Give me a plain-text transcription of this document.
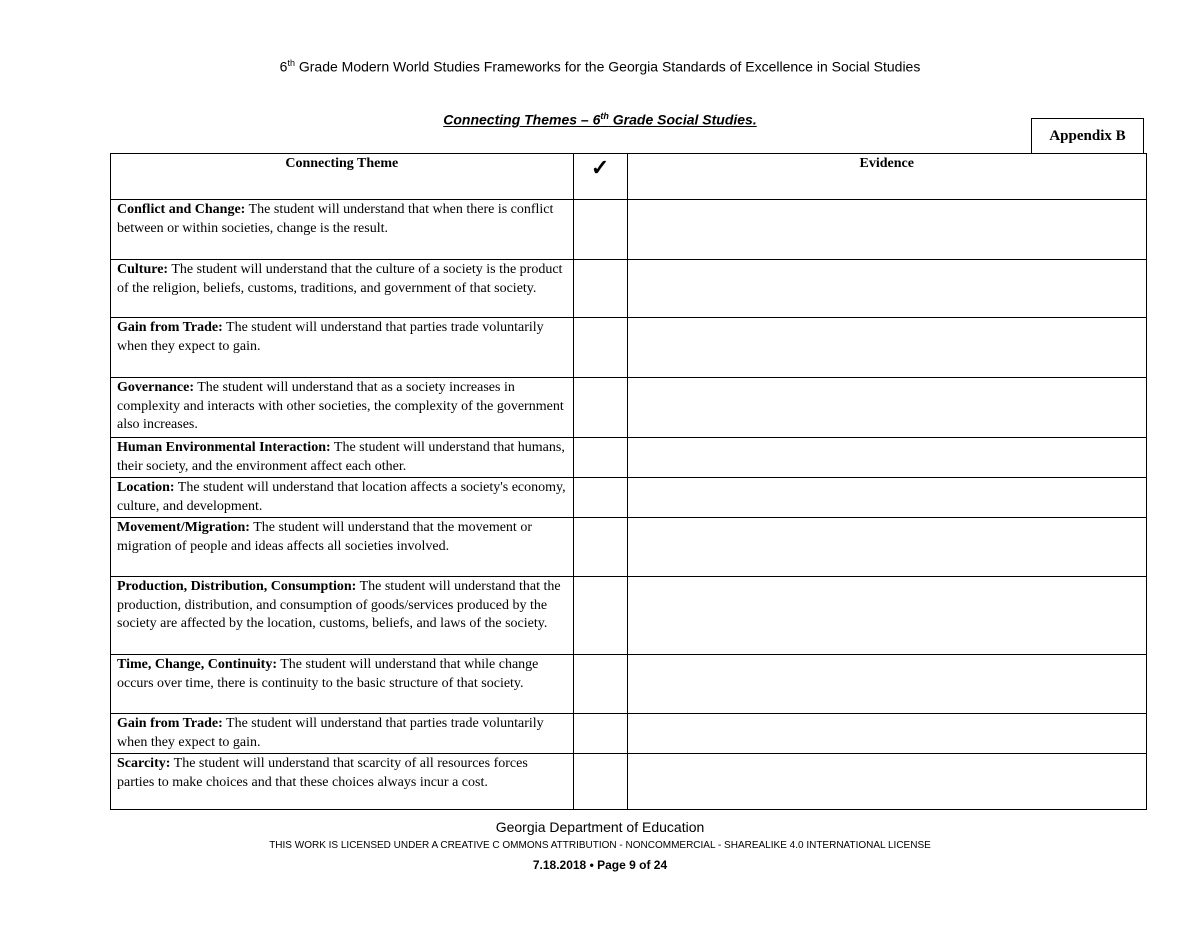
6th Grade Modern World Studies Frameworks for the Georgia Standards of Excellence in Social Studies
Connecting Themes – 6th Grade Social Studies.
Appendix B
Connecting Theme	✓	Evidence
Conflict and Change: The student will understand that when there is conflict between or within societies, change is the result.		
Culture: The student will understand that the culture of a society is the product of the religion, beliefs, customs, traditions, and government of that society.		
Gain from Trade: The student will understand that parties trade voluntarily when they expect to gain.		
Governance: The student will understand that as a society increases in complexity and interacts with other societies, the complexity of the government also increases.		
Human Environmental Interaction: The student will understand that humans, their society, and the environment affect each other.		
Location: The student will understand that location affects a society's economy, culture, and development.		
Movement/Migration: The student will understand that the movement or migration of people and ideas affects all societies involved.		
Production, Distribution, Consumption: The student will understand that the production, distribution, and consumption of goods/services produced by the society are affected by the location, customs, beliefs, and laws of the society.		
Time, Change, Continuity: The student will understand that while change occurs over time, there is continuity to the basic structure of that society.		
Gain from Trade: The student will understand that parties trade voluntarily when they expect to gain.		
Scarcity: The student will understand that scarcity of all resources forces parties to make choices and that these choices always incur a cost.		
Georgia Department of Education
THIS WORK IS LICENSED UNDER A CREATIVE C OMMONS ATTRIBUTION - NONCOMMERCIAL - SHAREALIKE 4.0 INTERNATIONAL LICENSE
7.18.2018 • Page 9 of 24
